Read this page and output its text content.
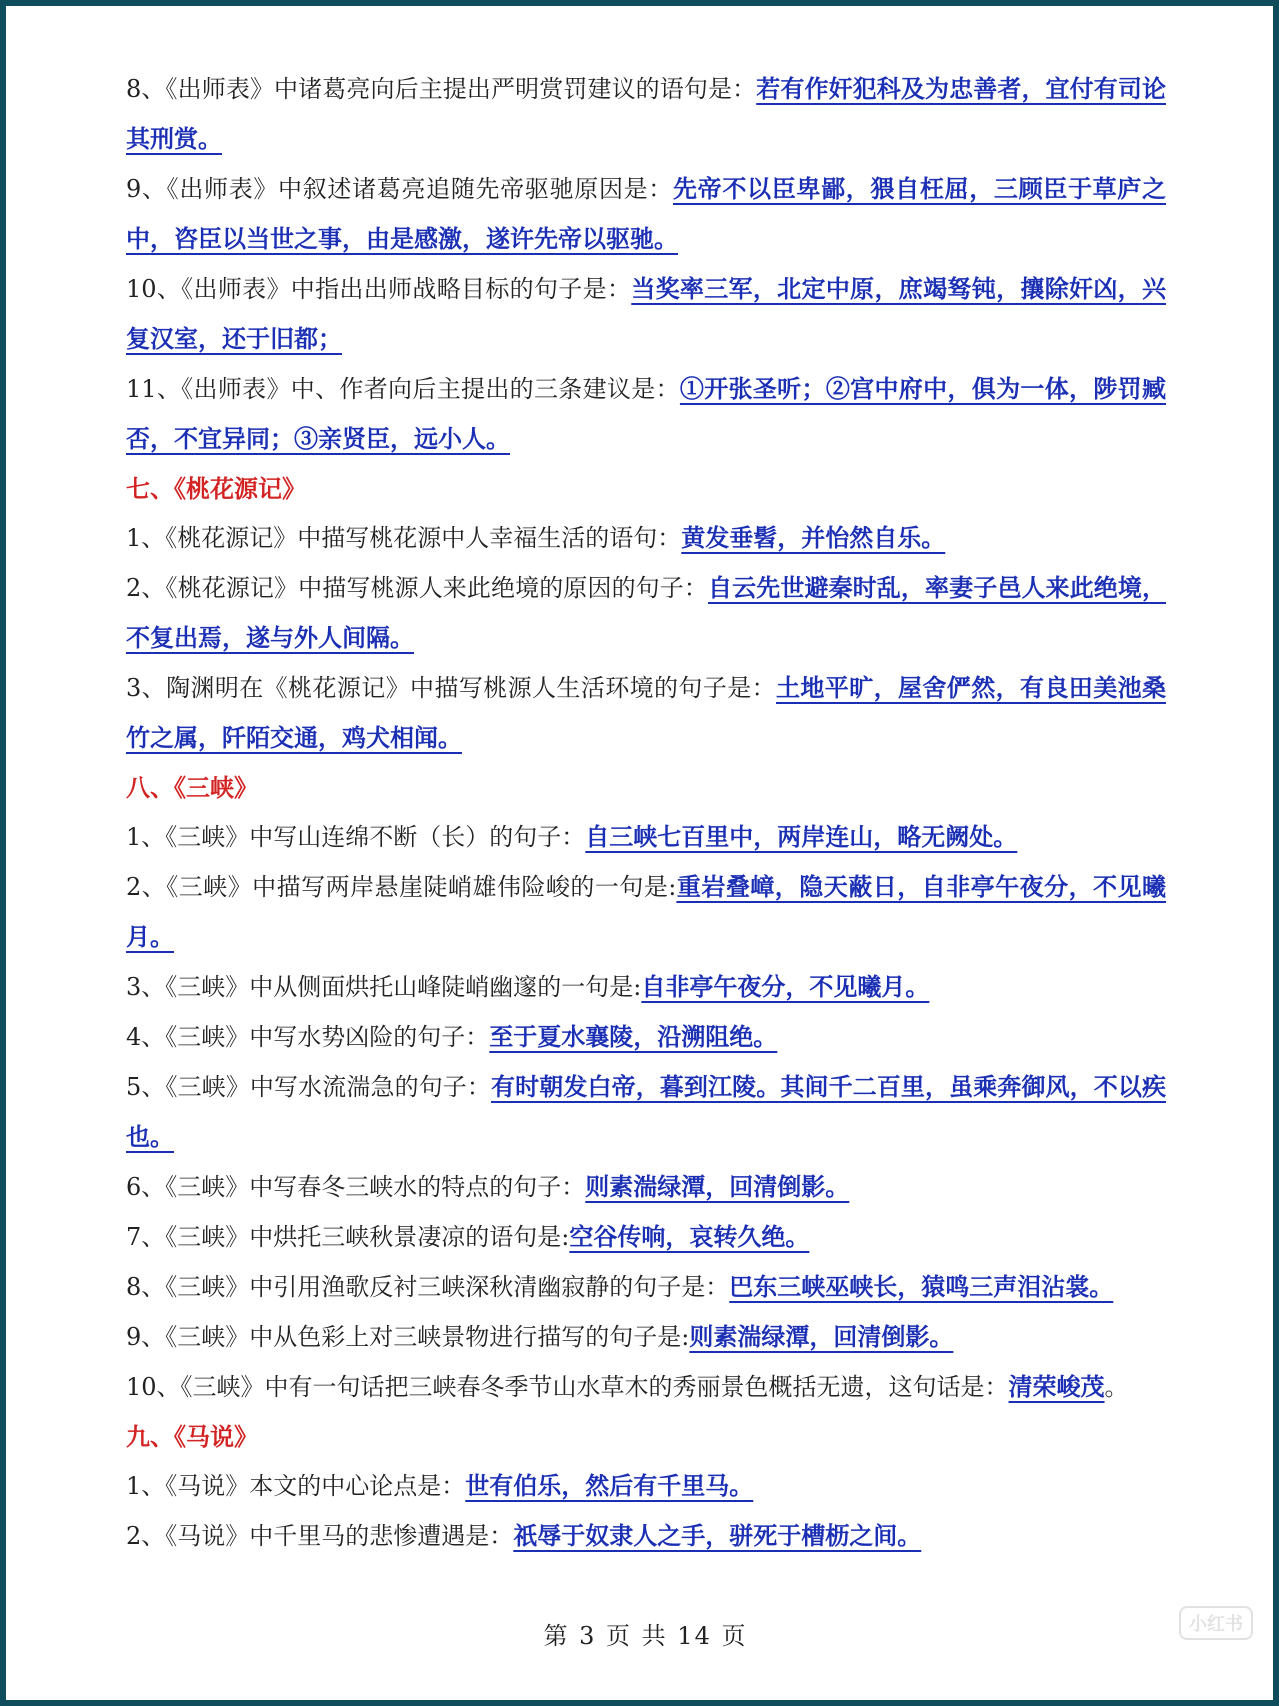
8、《出师表》中诸葛亮向后主提出严明赏罚建议的语句是：若有作奸犯科及为忠善者，宜付有司论其刑赏。

9、《出师表》中叙述诸葛亮追随先帝驱驰原因是：先帝不以臣卑鄙，猥自枉屈，三顾臣于草庐之中，咨臣以当世之事，由是感激，遂许先帝以驱驰。

10、《出师表》中指出出师战略目标的句子是：当奖率三军，北定中原，庶竭驽钝，攘除奸凶，兴复汉室，还于旧都；

11、《出师表》中、作者向后主提出的三条建议是：①开张圣听；②宫中府中，俱为一体，陟罚臧否，不宜异同；③亲贤臣，远小人。

七、《桃花源记》

1、《桃花源记》中描写桃花源中人幸福生活的语句：黄发垂髫，并怡然自乐。

2、《桃花源记》中描写桃源人来此绝境的原因的句子：自云先世避秦时乱，率妻子邑人来此绝境，不复出焉，遂与外人间隔。

3、陶渊明在《桃花源记》中描写桃源人生活环境的句子是：土地平旷，屋舍俨然，有良田美池桑竹之属，阡陌交通，鸡犬相闻。

八、《三峡》

1、《三峡》中写山连绵不断（长）的句子：自三峡七百里中，两岸连山，略无阙处。

2、《三峡》中描写两岸悬崖陡峭雄伟险峻的一句是:重岩叠嶂，隐天蔽日，自非亭午夜分，不见曦月。

3、《三峡》中从侧面烘托山峰陡峭幽邃的一句是:自非亭午夜分，不见曦月。

4、《三峡》中写水势凶险的句子：至于夏水襄陵，沿溯阻绝。

5、《三峡》中写水流湍急的句子：有时朝发白帝，暮到江陵。其间千二百里，虽乘奔御风，不以疾也。

6、《三峡》中写春冬三峡水的特点的句子：则素湍绿潭，回清倒影。

7、《三峡》中烘托三峡秋景凄凉的语句是:空谷传响，哀转久绝。

8、《三峡》中引用渔歌反衬三峡深秋清幽寂静的句子是：巴东三峡巫峡长，猿鸣三声泪沾裳。

9、《三峡》中从色彩上对三峡景物进行描写的句子是:则素湍绿潭，回清倒影。

10、《三峡》中有一句话把三峡春冬季节山水草木的秀丽景色概括无遗，这句话是：清荣峻茂。

九、《马说》

1、《马说》本文的中心论点是：世有伯乐，然后有千里马。

2、《马说》中千里马的悲惨遭遇是：祇辱于奴隶人之手，骈死于槽枥之间。

第 3 页 共 14 页	小红书
